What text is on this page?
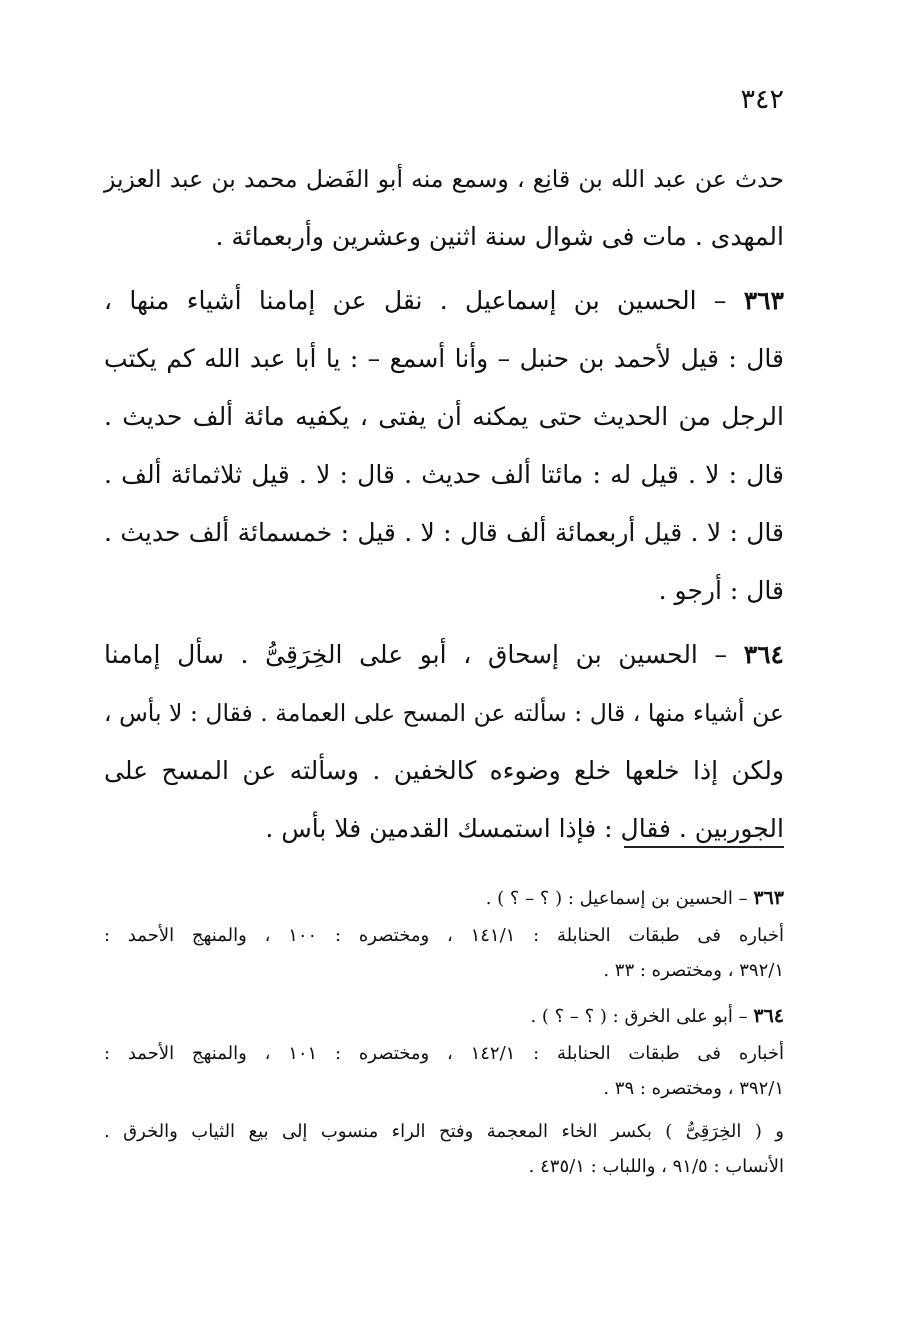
٣٤٢
حدث عن عبد الله بن قانِع ، وسمع منه أبو الفَضل محمد بن عبد العزيز
المهدى . مات فى شوال سنة اثنين وعشرين وأربعمائة .
٣٦٣ – الحسين بن إسماعيل . نقل عن إمامنا أشياء منها ،
قال : قيل لأحمد بن حنبل – وأنا أسمع – : يا أبا عبد الله كم يكتب
الرجل من الحديث حتى يمكنه أن يفتى ، يكفيه مائة ألف حديث .
قال : لا . قيل له : مائتا ألف حديث . قال : لا . قيل ثلاثمائة ألف .
قال : لا . قيل أربعمائة ألف قال : لا . قيل : خمسمائة ألف حديث .
قال : أرجو .
٣٦٤ – الحسين بن إسحاق ، أبو على الخِرَقِىُّ . سأل إمامنا
عن أشياء منها ، قال : سألته عن المسح على العمامة . فقال : لا بأس ،
ولكن إذا خلعها خلع وضوءه كالخفين . وسألته عن المسح على
الجوربين . فقال : فإذا استمسك القدمين فلا بأس .
٣٦٣ – الحسين بن إسماعيل : ( ؟ – ؟ ) .
أخباره فى طبقات الحنابلة : ١٤١/١ ، ومختصره : ١٠٠ ، والمنهج الأحمد :
٣٩٢/١ ، ومختصره : ٣٣ .
٣٦٤ – أبو على الخرق : ( ؟ – ؟ ) .
أخباره فى طبقات الحنابلة : ١٤٢/١ ، ومختصره : ١٠١ ، والمنهج الأحمد :
٣٩٢/١ ، ومختصره : ٣٩ .
و ( الخِرَقِىُّ ) بكسر الخاء المعجمة وفتح الراء منسوب إلى بيع الثياب والخرق .
الأنساب : ٩١/٥ ، واللباب : ٤٣٥/١ .
